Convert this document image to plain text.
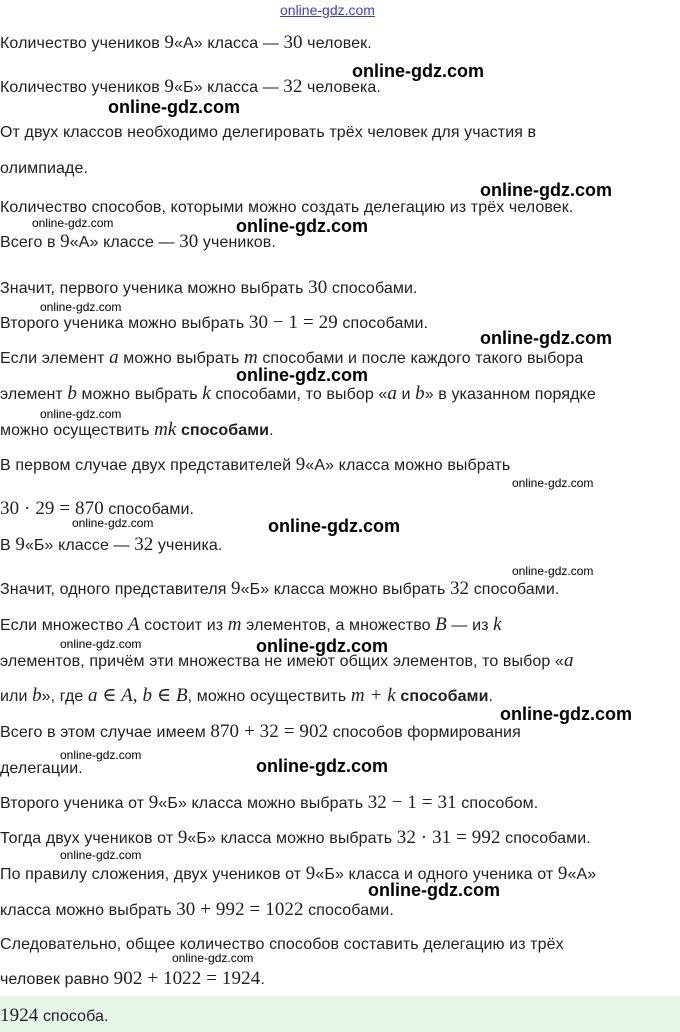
online-gdz.com
Количество учеников 9«А» класса — 30 человек.
Количество учеников 9«Б» класса — 32 человека.
От двух классов необходимо делегировать трёх человек для участия в
олимпиаде.
Количество способов, которыми можно создать делегацию из трёх человек.
Всего в 9«А» классе — 30 учеников.
Значит, первого ученика можно выбрать 30 способами.
Второго ученика можно выбрать 30 − 1 = 29 способами.
Если элемент a можно выбрать m способами и после каждого такого выбора
элемент b можно выбрать k способами, то выбор «a и b» в указанном порядке
можно осуществить mk способами.
В первом случае двух представителей 9«А» класса можно выбрать
30 · 29 = 870 способами.
В 9«Б» классе — 32 ученика.
Значит, одного представителя 9«Б» класса можно выбрать 32 способами.
Если множество A состоит из m элементов, а множество B — из k
элементов, причём эти множества не имеют общих элементов, то выбор «a
или b», где a ∈ A, b ∈ B, можно осуществить m + k способами.
Всего в этом случае имеем 870 + 32 = 902 способов формирования
делегации.
Второго ученика от 9«Б» класса можно выбрать 32 − 1 = 31 способом.
Тогда двух учеников от 9«Б» класса можно выбрать 32 · 31 = 992 способами.
По правилу сложения, двух учеников от 9«Б» класса и одного ученика от 9«А»
класса можно выбрать 30 + 992 = 1022 способами.
Следовательно, общее количество способов составить делегацию из трёх
человек равно 902 + 1022 = 1924.
1924 способа.
online-gdz.com
online-gdz.com
online-gdz.com
online-gdz.com	online-gdz.com
online-gdz.com
online-gdz.com
online-gdz.com
online-gdz.com
online-gdz.com
online-gdz.com	online-gdz.com
online-gdz.com
online-gdz.com	online-gdz.com
online-gdz.com
online-gdz.com
online-gdz.com
online-gdz.com
online-gdz.com
online-gdz.com
